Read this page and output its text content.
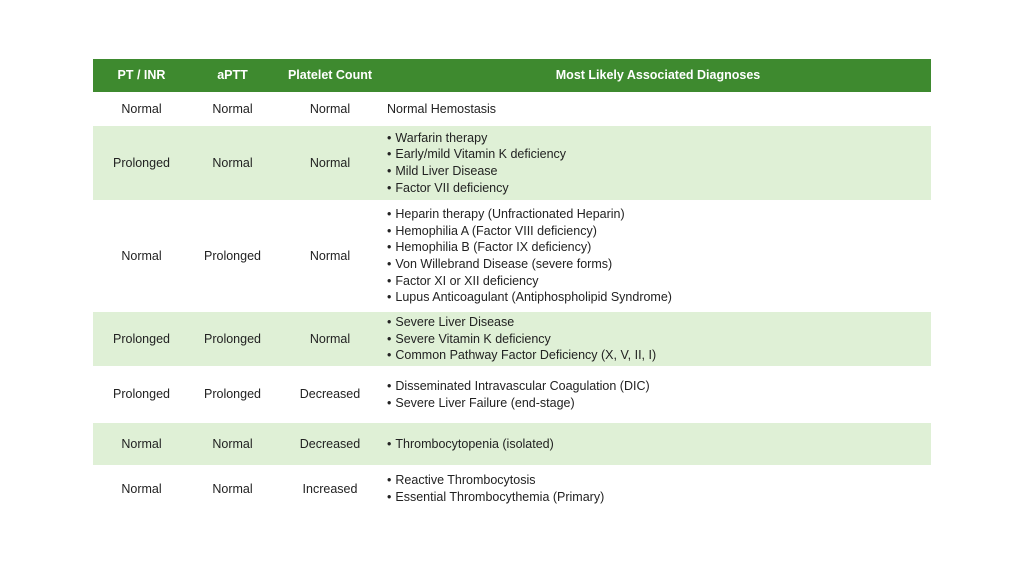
PT / INR	aPTT	Platelet Count	Most Likely Associated Diagnoses
Normal	Normal	Normal	Normal Hemostasis
Prolonged	Normal	Normal
• Warfarin therapy
• Early/mild Vitamin K deficiency
• Mild Liver Disease
• Factor VII deficiency
Normal	Prolonged	Normal
• Heparin therapy (Unfractionated Heparin)
• Hemophilia A (Factor VIII deficiency)
• Hemophilia B (Factor IX deficiency)
• Von Willebrand Disease (severe forms)
• Factor XI or XII deficiency
• Lupus Anticoagulant (Antiphospholipid Syndrome)
Prolonged	Prolonged	Normal
• Severe Liver Disease
• Severe Vitamin K deficiency
• Common Pathway Factor Deficiency (X, V, II, I)
Prolonged	Prolonged	Decreased
• Disseminated Intravascular Coagulation (DIC)
• Severe Liver Failure (end-stage)
Normal	Normal	Decreased
•	Thrombocytopenia (isolated)
Normal	Normal	Increased
• Reactive Thrombocytosis
• Essential Thrombocythemia (Primary)
